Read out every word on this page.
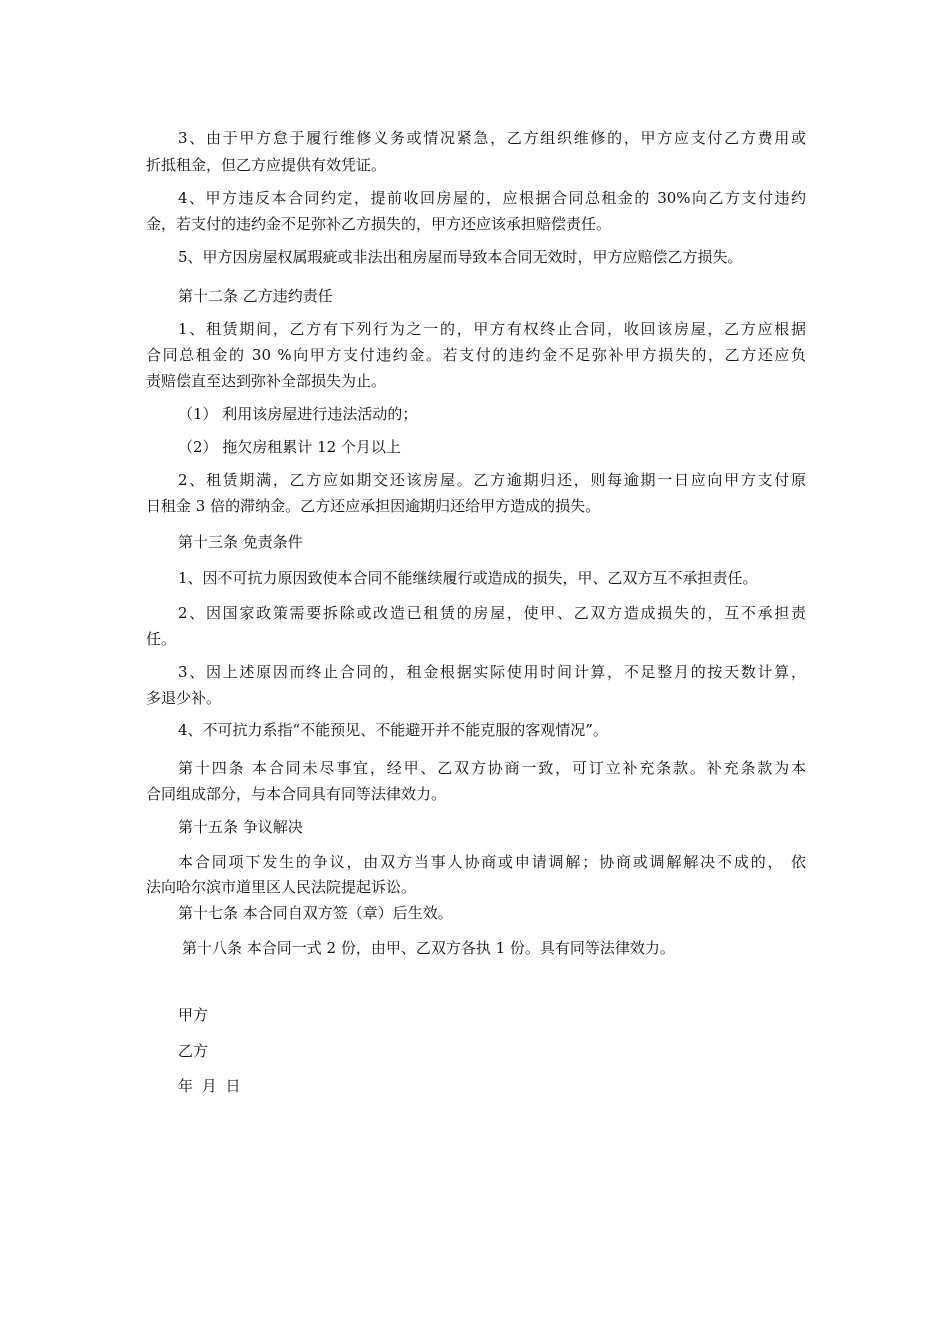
3、由于甲方怠于履行维修义务或情况紧急，乙方组织维修的，甲方应支付乙方费用或
折抵租金，但乙方应提供有效凭证。
4、甲方违反本合同约定，提前收回房屋的，应根据合同总租金的 30%向乙方支付违约
金，若支付的违约金不足弥补乙方损失的，甲方还应该承担赔偿责任。
5、甲方因房屋权属瑕疵或非法出租房屋而导致本合同无效时，甲方应赔偿乙方损失。
第十二条 乙方违约责任
1、租赁期间，乙方有下列行为之一的，甲方有权终止合同，收回该房屋，乙方应根据
合同总租金的 30 %向甲方支付违约金。若支付的违约金不足弥补甲方损失的，乙方还应负
责赔偿直至达到弥补全部损失为止。
（1） 利用该房屋进行违法活动的；
（2） 拖欠房租累计 12 个月以上
2、租赁期满，乙方应如期交还该房屋。乙方逾期归还，则每逾期一日应向甲方支付原
日租金 3 倍的滞纳金。乙方还应承担因逾期归还给甲方造成的损失。
第十三条 免责条件
1、因不可抗力原因致使本合同不能继续履行或造成的损失，甲、乙双方互不承担责任。
2、因国家政策需要拆除或改造已租赁的房屋，使甲、乙双方造成损失的，互不承担责
任。
3、因上述原因而终止合同的，租金根据实际使用时间计算，不足整月的按天数计算，
多退少补。
4、不可抗力系指“不能预见、不能避开并不能克服的客观情况”。
第十四条 本合同未尽事宜，经甲、乙双方协商一致，可订立补充条款。补充条款为本
合同组成部分，与本合同具有同等法律效力。
第十五条 争议解决
本合同项下发生的争议，由双方当事人协商或申请调解；协商或调解解决不成的， 依
法向哈尔滨市道里区人民法院提起诉讼。
第十七条 本合同自双方签（章）后生效。
第十八条 本合同一式 2 份，由甲、乙双方各执 1 份。具有同等法律效力。
甲方
乙方
年 月 日
